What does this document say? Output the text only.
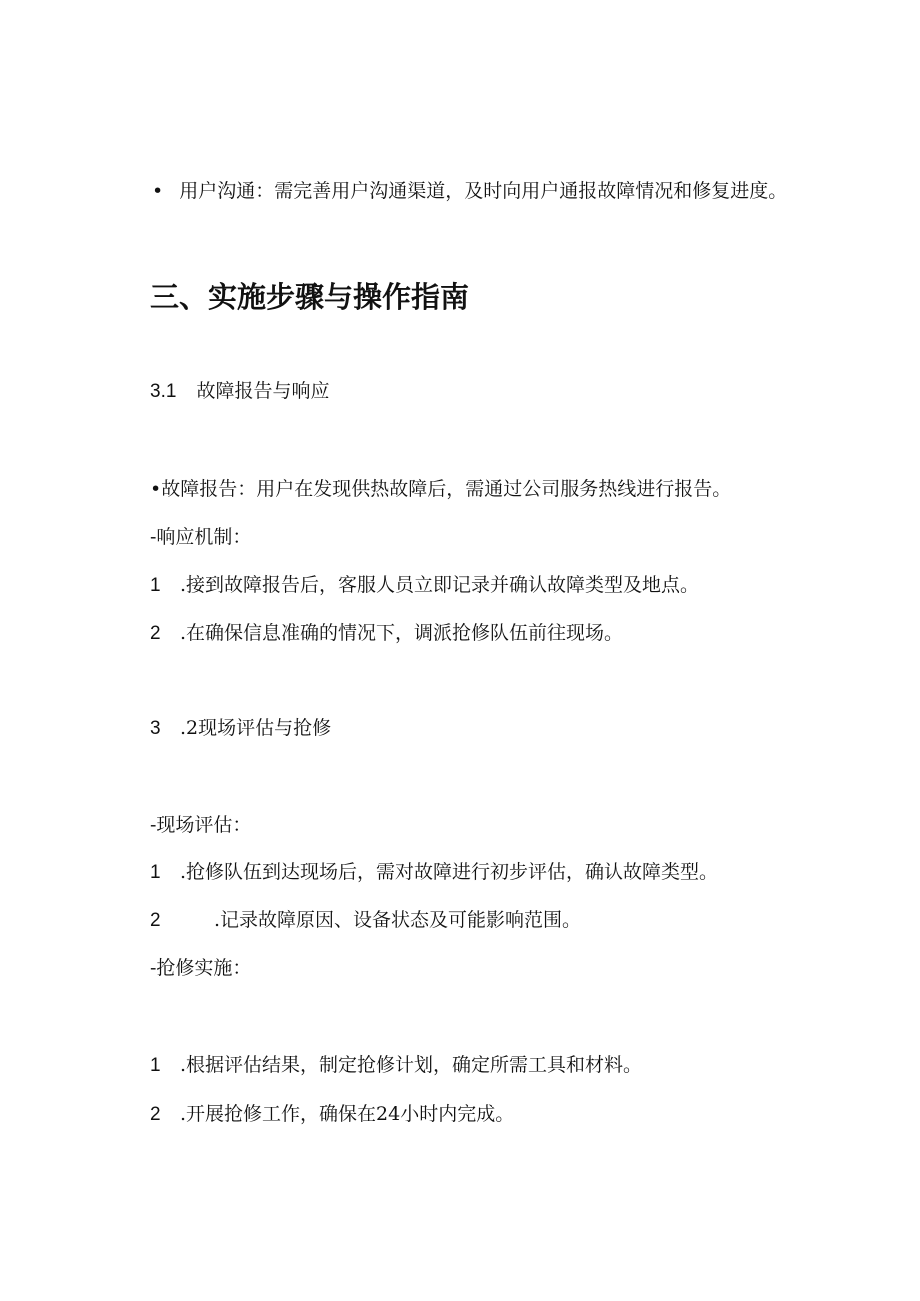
• 用户沟通：需完善用户沟通渠道，及时向用户通报故障情况和修复进度。
三、实施步骤与操作指南
3.1 故障报告与响应
•故障报告：用户在发现供热故障后，需通过公司服务热线进行报告。
-响应机制：
1 .接到故障报告后，客服人员立即记录并确认故障类型及地点。
2 .在确保信息准确的情况下，调派抢修队伍前往现场。
3 .2现场评估与抢修
-现场评估：
1 .抢修队伍到达现场后，需对故障进行初步评估，确认故障类型。
2	.记录故障原因、设备状态及可能影响范围。
-抢修实施：
1 .根据评估结果，制定抢修计划，确定所需工具和材料。
2 .开展抢修工作，确保在24小时内完成。
